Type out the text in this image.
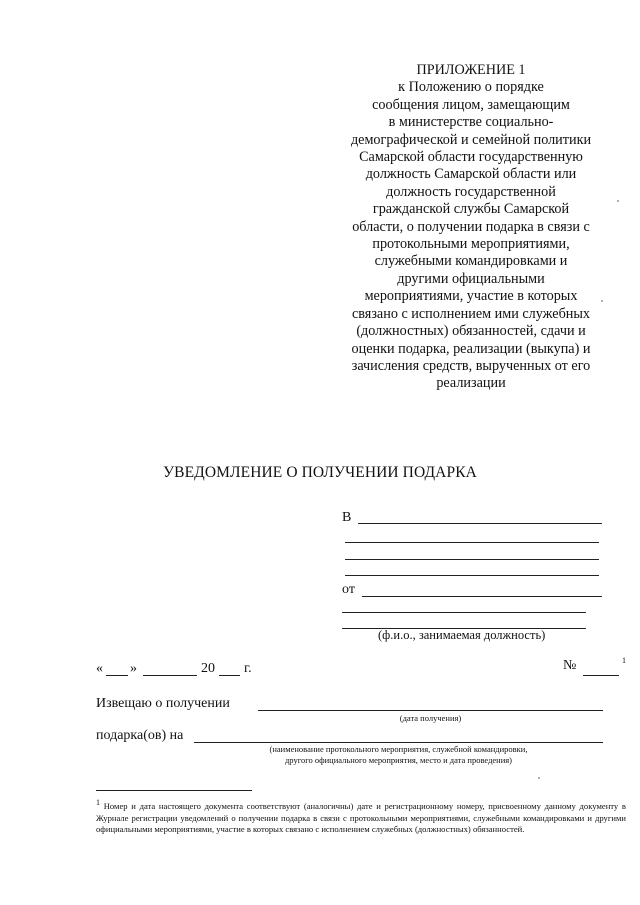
ПРИЛОЖЕНИЕ 1
к Положению о порядке
сообщения лицом, замещающим
в министерстве социально-
демографической и семейной политики
Самарской области государственную
должность Самарской области или
должность государственной
гражданской службы Самарской
области, о получении подарка в связи с
протокольными мероприятиями,
служебными командировками и
другими официальными
мероприятиями, участие в которых
связано с исполнением ими служебных
(должностных) обязанностей, сдачи и
оценки подарка, реализации (выкупа) и
зачисления средств, вырученных от его
реализации
УВЕДОМЛЕНИЕ О ПОЛУЧЕНИИ ПОДАРКА
В
от
(ф.и.о., занимаемая должность)
« »	20 г.	№	1
Извещаю о получении
(дата получения)
подарка(ов) на
(наименование протокольного мероприятия, служебной командировки,
другого официального мероприятия, место и дата проведения)
$^1$ Номер и дата настоящего документа соответствуют (аналогичны) дате и регистрационному номеру, присвоенному данному документу в Журнале регистрации уведомлений о получении подарка в связи с протокольными мероприятиями, служебными командировками и другими официальными мероприятиями, участие в которых связано с исполнением служебных (должностных) обязанностей.
